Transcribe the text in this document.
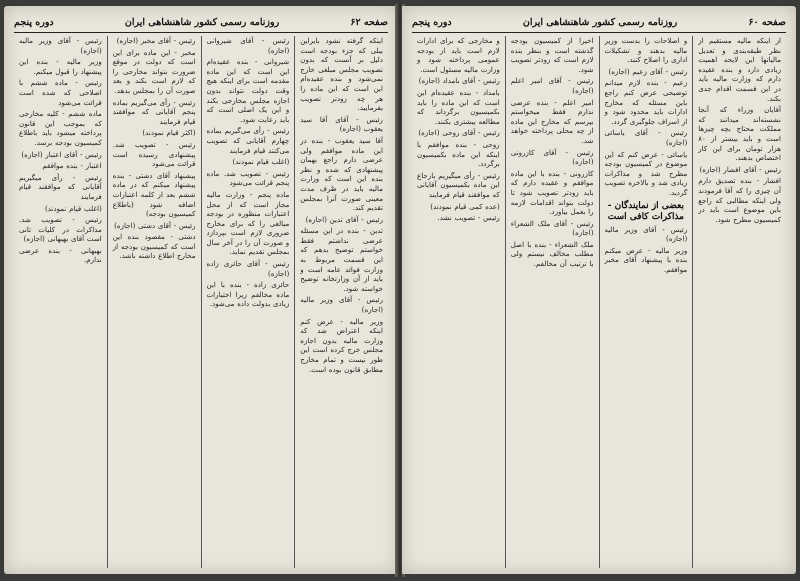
صفحه ۶۲
روزنامه رسمی کشور شاهنشاهی ایران
دوره پنجم

اینکه گرفته نشود بایراین بیلی که جزء بودجه است دلیل بر آنست که بدون تصویب مجلس مبلغی خارج نمی‌شود و بنده عقیده‌ام این است که این ماده را هر چه زودتر تصویب بفرمایید.

رئیس - آقای آقا سید یعقوب (اجازه)

آقا سید یعقوب - بنده در این ماده موافقم ولی عرضی دارم راجع بهمان پیشنهادی که شده و نظر بنده این است که وزارت مالیه باید در ظرف مدت معینی صورت آنرا بمجلس تقدیم کند.

رئیس - آقای تدین (اجازه)

تدین - بنده در این مسئله عرضی نداشتم فقط خواستم توضیح بدهم که این قسمت مربوط به وزارت فوائد عامه است و باید از آن وزارتخانه توضیح خواسته شود.

رئیس - آقای وزیر مالیه (اجازه)

وزیر مالیه - عرض کنم اینکه اعتراض شد که وزارت مالیه بدون اجازه مجلس خرج کرده است این طور نیست و تمام مخارج مطابق قانون بوده است.

رئیس - آقای شیروانی (اجازه)

شیروانی - بنده عقیده‌ام این است که این ماده مقدمه است برای اینکه هیچ وقت دولت نتواند بدون اجازه مجلس مخارجی بکند و این یک اصلی است که باید رعایت شود.

رئیس - رأی می‌گیریم بماده چهارم آقایانی که تصویب می‌کنند قیام فرمایند

(اغلب قیام نمودند)

رئیس - تصویب شد. ماده پنجم قرائت می‌شود

ماده پنجم - وزارت مالیه مجاز است که از محل اعتبارات منظوره در بودجه مبالغی را که برای مخارج ضروری لازم است بپردازد و صورت آن را در آخر سال بمجلس تقدیم نماید.

رئیس - آقای حائری زاده (اجازه)

حائری زاده - بنده با این ماده مخالفم زیرا اختیارات زیادی بدولت داده می‌شود.

رئیس - آقای مخبر (اجازه)

مخبر - این ماده برای این است که دولت در موقع ضرورت بتواند مخارجی را که لازم است بکند و بعد صورت آن را بمجلس بدهد.

رئیس - رأی می‌گیریم بماده پنجم آقایانی که موافقند قیام فرمایند

(اکثر قیام نمودند)

رئیس - تصویب شد. پیشنهادی رسیده است قرائت می‌شود

پیشنهاد آقای دشتی - بنده پیشنهاد میکنم که در ماده ششم بعد از کلمه اعتبارات اضافه شود (باطلاع کمیسیون بودجه)

رئیس - آقای دشتی (اجازه)

دشتی - مقصود بنده این است که کمیسیون بودجه از مخارج اطلاع داشته باشد.

رئیس - آقای وزیر مالیه (اجازه)

وزیر مالیه - بنده این پیشنهاد را قبول میکنم.

رئیس - ماده ششم با اصلاحی که شده است قرائت می‌شود

ماده ششم - کلیه مخارجی که بموجب این قانون پرداخته میشود باید باطلاع کمیسیون بودجه برسد.

رئیس - آقای اعتبار (اجازه)

اعتبار - بنده موافقم

رئیس - رأی میگیریم آقایانی که موافقند قیام فرمایند

(اغلب قیام نمودند)

رئیس - تصویب شد. مذاکرات در کلیات ثانی است آقای بهبهانی (اجازه)

بهبهانی - بنده عرضی ندارم.

صفحه ۶۰
روزنامه رسمی کشور شاهنشاهی ایران
دوره پنجم

از اینکه مالیه مستقیم از نظر طبقه‌بندی و تعدیل مالیاتها این لایحه اهمیت زیادی دارد و بنده عقیده دارم که وزارت مالیه باید در این قسمت اقدام جدی بکند.

آقایان وزراء که آنجا نشسته‌اند میدانند که مملکت محتاج بچه چیزها است و باید بیشتر از ۸۰ هزار تومان برای این کار اختصاص بدهند.

رئیس - آقای افشار (اجازه)

افشار - بنده تصدیق دارم آن چیزی را که آقا فرمودند ولی اینکه مطالبی که راجع باین موضوع است باید در کمیسیون مطرح شود.

و اصلاحات را بدست وزیر مالیه بدهند و تشکیلات اداری را اصلاح کنند.

رئیس - آقای زعیم (اجازه)

زعیم - بنده لازم میدانم توضیحی عرض کنم راجع باین مسئله که مخارج ادارات باید محدود شود و از اسراف جلوگیری گردد.

رئیس - آقای یاسائی (اجازه)

یاسائی - عرض کنم که این موضوع در کمیسیون بودجه مطرح شد و مذاکرات زیادی شد و بالاخره تصویب گردید.

بعضی از نمایندگان - مذاکرات کافی است

رئیس - آقای وزیر مالیه (اجازه)

وزیر مالیه - عرض میکنم بنده با پیشنهاد آقای مخبر موافقم.

اخیرا از کمیسیون بودجه گذشته است و بنظر بنده لازم است که زودتر تصویب شود.

رئیس - آقای امیر اعلم (اجازه)

امیر اعلم - بنده عرضی ندارم فقط میخواستم بپرسم که مخارج این ماده از چه محلی پرداخته خواهد شد.

رئیس - آقای کازرونی (اجازه)

کازرونی - بنده با این ماده موافقم و عقیده دارم که باید زودتر تصویب شود تا دولت بتواند اقدامات لازمه را بعمل بیاورد.

رئیس - آقای ملک الشعراء (اجازه)

ملک الشعراء - بنده با اصل مطلب مخالف نیستم ولی با ترتیب آن مخالفم.

و مخارجی که برای ادارات لازم است باید از بودجه عمومی پرداخته شود و وزارت مالیه مسئول است.

رئیس - آقای بامداد (اجازه)

بامداد - بنده عقیده‌ام این است که این ماده را باید بکمیسیون برگرداند که مطالعه بیشتری بکنند.

رئیس - آقای روحی (اجازه)

روحی - بنده موافقم با اینکه این ماده بکمیسیون برگردد.

رئیس - رأی میگیریم بارجاع این ماده بکمیسیون آقایانی که موافقند قیام فرمایند

(عده کمی قیام نمودند)

رئیس - تصویب نشد.
